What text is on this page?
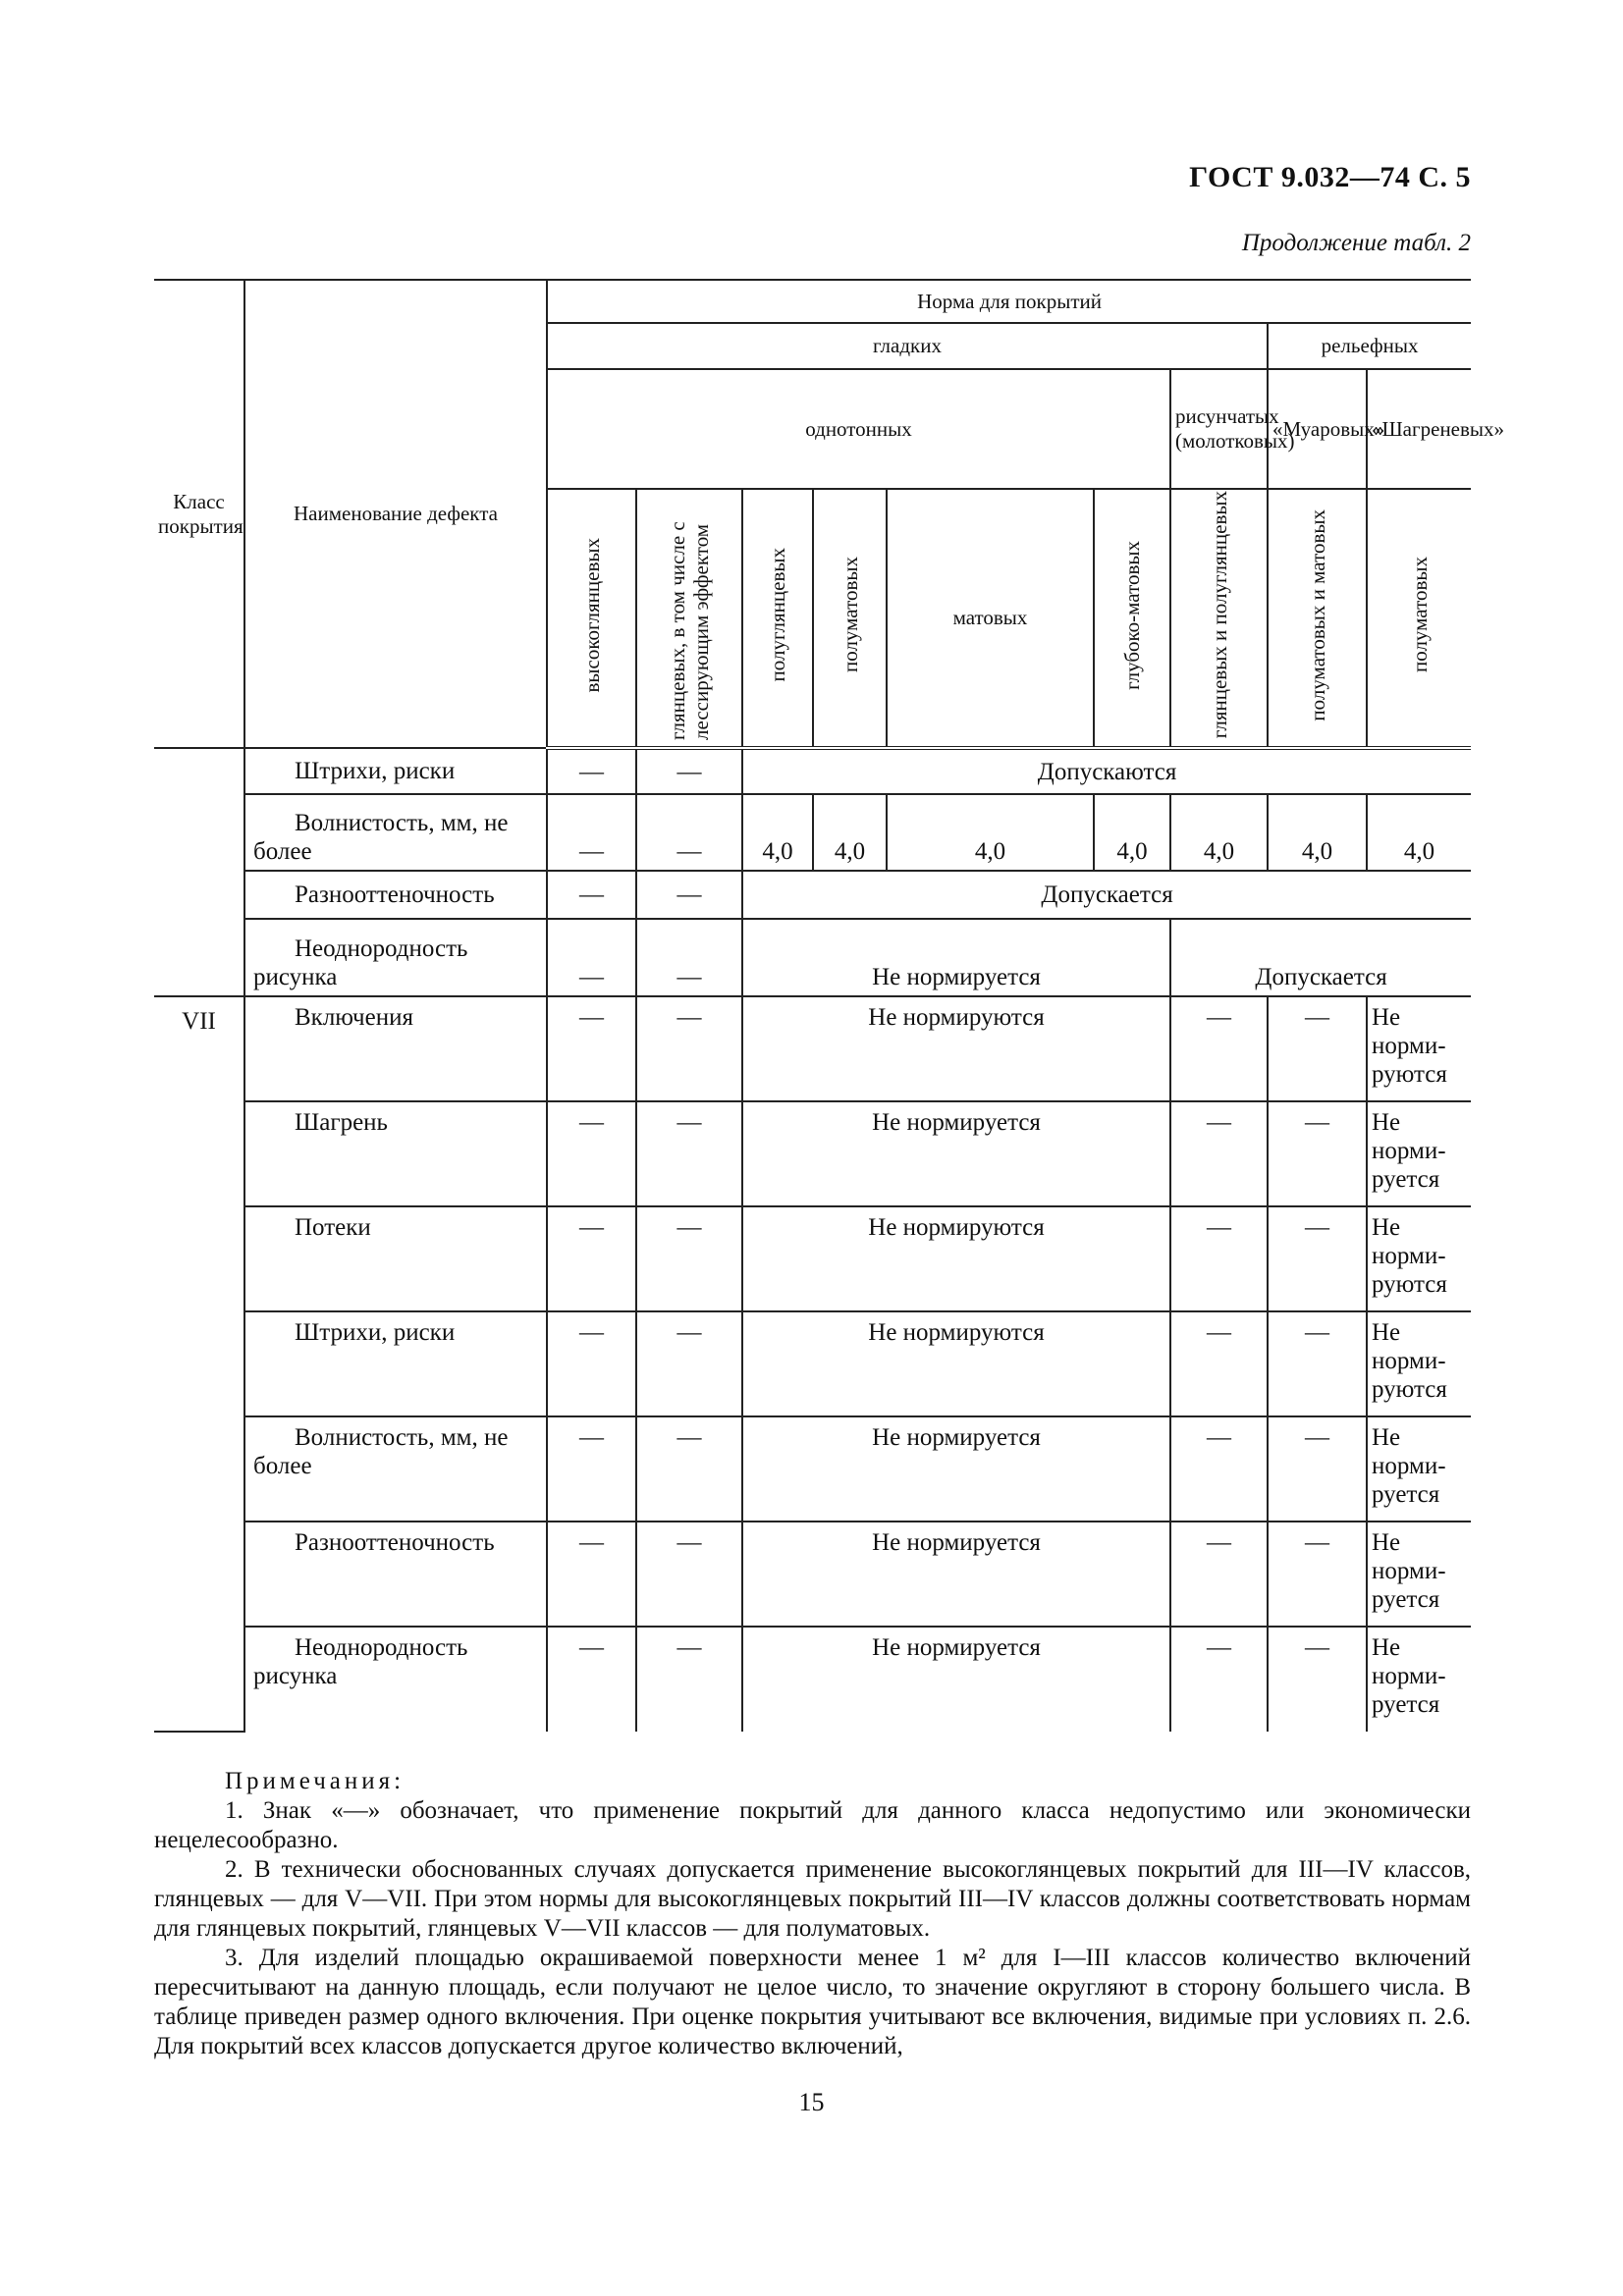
ГОСТ 9.032—74 С. 5
Продолжение табл. 2
Класс покрытия	Наименование дефекта	Норма для покрытий								
		гладких							рельефных	
		однотонных						рисунчатых (молотковых)	«Муаровых»	«Шагреневых»
		высокоглянцевых	глянцевых, в том числе с лессирующим эффектом	полуглянцевых	полуматовых	матовых	глубоко-матовых	глянцевых и полуглянцевых	полуматовых и матовых	полуматовых
	Штрихи, риски	—	—	Допускаются						
	Волнистость, мм, не более	—	—	4,0	4,0	4,0	4,0	4,0	4,0	4,0
	Разнооттеночность	—	—	Допускается						
	Неоднородность рисунка	—	—	Не нормируется				Допускается		
VII	Включения	—	—	Не нормируются				—	—	Не норми-руются
	Шагрень	—	—	Не нормируется				—	—	Не норми-руется
	Потеки	—	—	Не нормируются				—	—	Не норми-руются
	Штрихи, риски	—	—	Не нормируются				—	—	Не норми-руются
	Волнистость, мм, не более	—	—	Не нормируется				—	—	Не норми-руется
	Разнооттеночность	—	—	Не нормируется				—	—	Не норми-руется
	Неоднородность рисунка	—	—	Не нормируется				—	—	Не норми-руется

Примечания:

1. Знак «—» обозначает, что применение покрытий для данного класса недопустимо или экономически нецелесообразно.

2. В технически обоснованных случаях допускается применение высокоглянцевых покрытий для III—IV классов, глянцевых — для V—VII. При этом нормы для высокоглянцевых покрытий III—IV классов должны соответствовать нормам для глянцевых покрытий, глянцевых V—VII классов — для полуматовых.

3. Для изделий площадью окрашиваемой поверхности менее 1 м² для I—III классов количество включений пересчитывают на данную площадь, если получают не целое число, то значение округляют в сторону большего числа. В таблице приведен размер одного включения. При оценке покрытия учитывают все включения, видимые при условиях п. 2.6. Для покрытий всех классов допускается другое количество включений,

15
